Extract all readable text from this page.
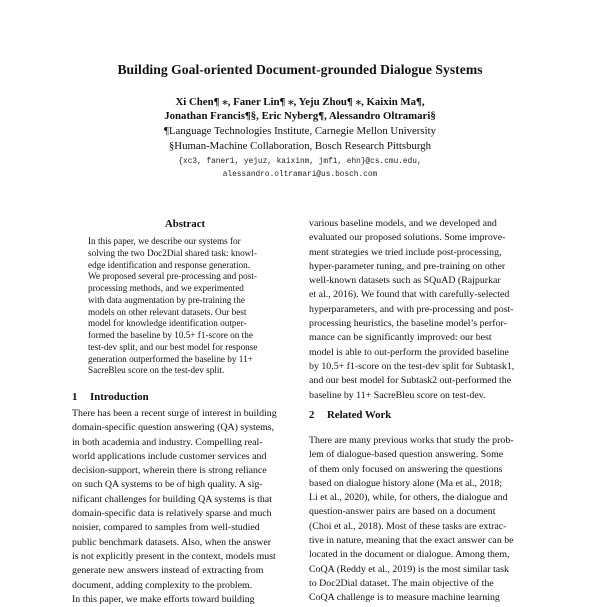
Building Goal-oriented Document-grounded Dialogue Systems
Xi Chen¶ ⁎, Faner Lin¶ ⁎, Yeju Zhou¶ ⁎, Kaixin Ma¶,
Jonathan Francis¶§, Eric Nyberg¶, Alessandro Oltramari§
¶Language Technologies Institute, Carnegie Mellon University
§Human-Machine Collaboration, Bosch Research Pittsburgh
{xc3, faner1, yejuz, kaixinm, jmf1, ehn}@cs.cmu.edu,
alessandro.oltramari@us.bosch.com
Abstract
In this paper, we describe our systems for
solving the two Doc2Dial shared task: knowl-
edge identification and response generation.
We proposed several pre-processing and post-
processing methods, and we experimented
with data augmentation by pre-training the
models on other relevant datasets. Our best
model for knowledge identification outper-
formed the baseline by 10.5+ f1-score on the
test-dev split, and our best model for response
generation outperformed the baseline by 11+
SacreBleu score on the test-dev split.
1 Introduction
There has been a recent surge of interest in building
domain-specific question answering (QA) systems,
in both academia and industry. Compelling real-
world applications include customer services and
decision-support, wherein there is strong reliance
on such QA systems to be of high quality. A sig-
nificant challenges for building QA systems is that
domain-specific data is relatively sparse and much
noisier, compared to samples from well-studied
public benchmark datasets. Also, when the answer
is not explicitly present in the context, models must
generate new answers instead of extracting from
document, adding complexity to the problem.
In this paper, we make efforts toward building
various baseline models, and we developed and
evaluated our proposed solutions. Some improve-
ment strategies we tried include post-processing,
hyper-parameter tuning, and pre-training on other
well-known datasets such as SQuAD (Rajpurkar
et al., 2016). We found that with carefully-selected
hyperparameters, and with pre-processing and post-
processing heuristics, the baseline model’s perfor-
mance can be significantly improved: our best
model is able to out-perform the provided baseline
by 10.5+ f1-score on the test-dev split for Subtask1,
and our best model for Subtask2 out-performed the
baseline by 11+ SacreBleu score on test-dev.
2 Related Work
There are many previous works that study the prob-
lem of dialogue-based question answering. Some
of them only focused on answering the questions
based on dialogue history alone (Ma et al., 2018;
Li et al., 2020), while, for others, the dialogue and
question-answer pairs are based on a document
(Choi et al., 2018). Most of these tasks are extrac-
tive in nature, meaning that the exact answer can be
located in the document or dialogue. Among them,
CoQA (Reddy et al., 2019) is the most similar task
to Doc2Dial dataset. The main objective of the
CoQA challenge is to measure machine learning
